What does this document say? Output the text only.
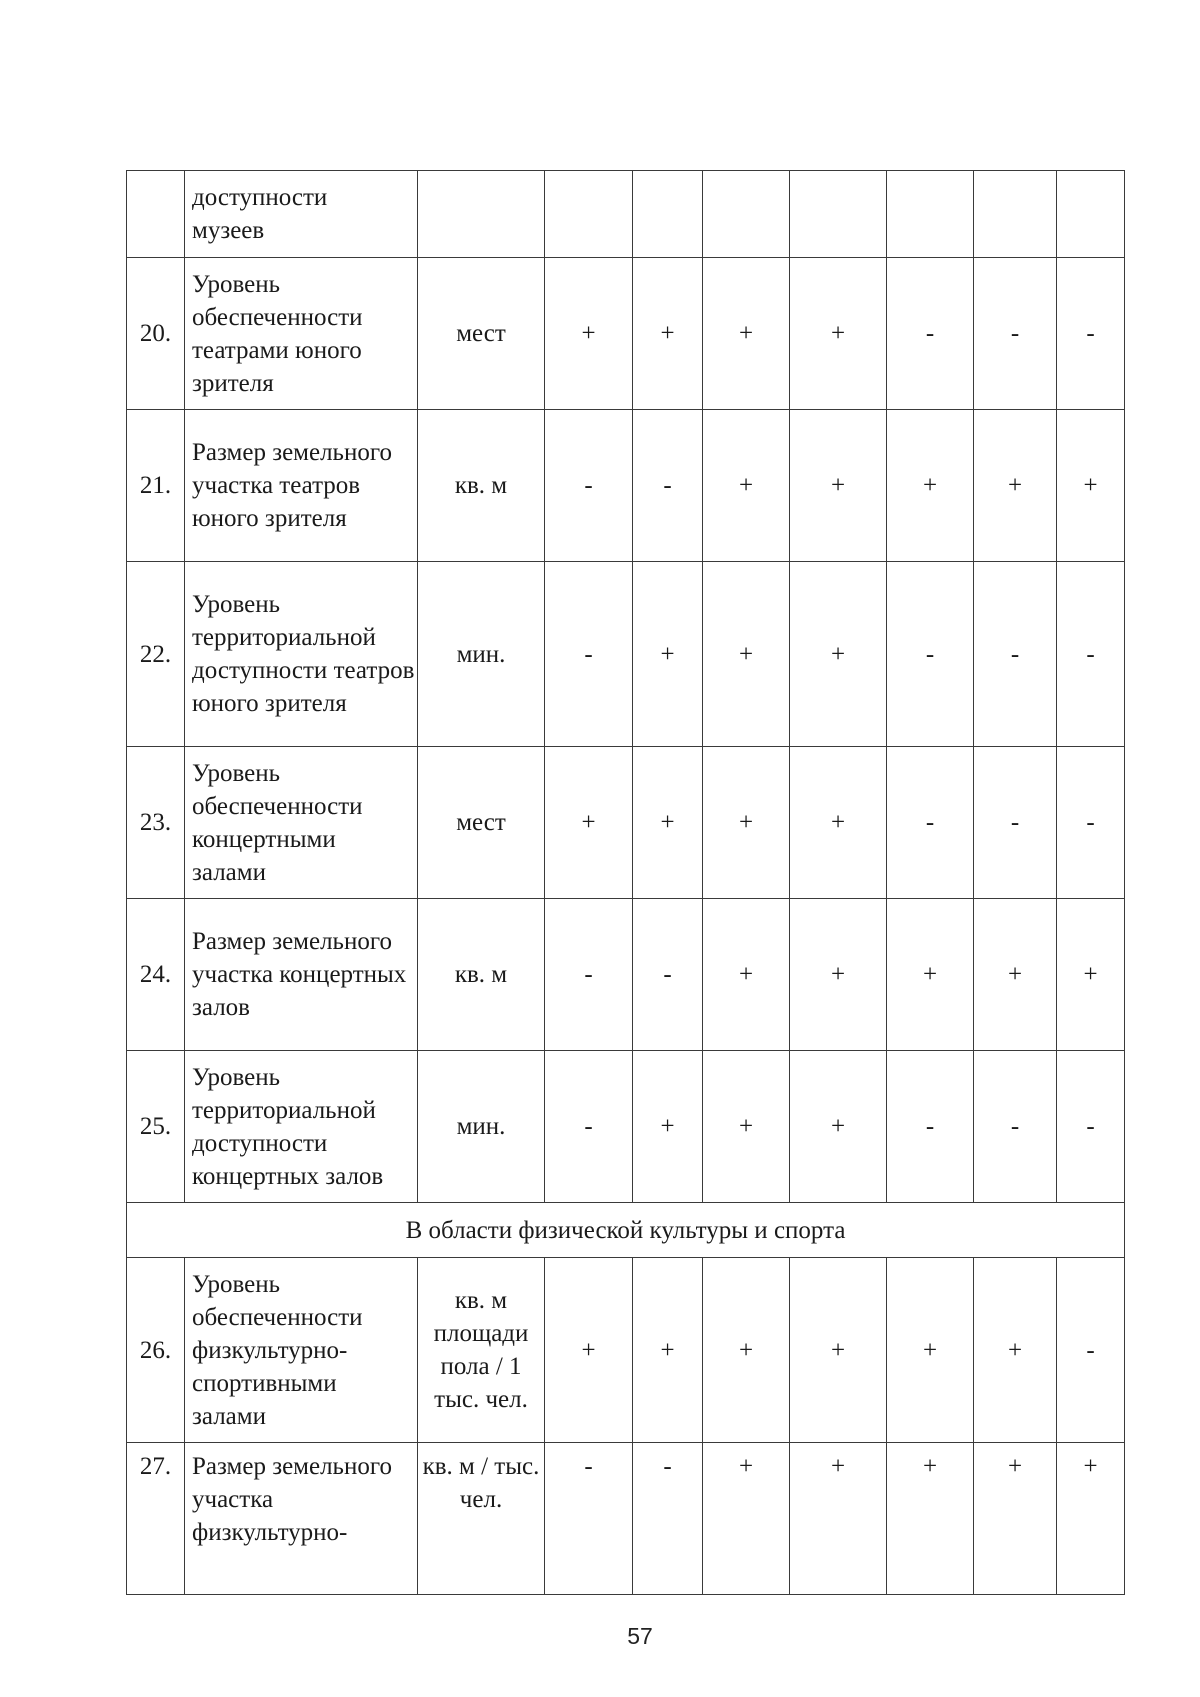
	доступности
музеев								
20.	Уровень обеспеченности театрами юного зрителя	мест	+	+	+	+	-	-	-
21.	Размер земельного участка театров юного зрителя	кв. м	-	-	+	+	+	+	+
22.	Уровень территориальной доступности театров юного зрителя	мин.	-	+	+	+	-	-	-
23.	Уровень обеспеченности концертными залами	мест	+	+	+	+	-	-	-
24.	Размер земельного участка концертных залов	кв. м	-	-	+	+	+	+	+
25.	Уровень территориальной доступности концертных залов	мин.	-	+	+	+	-	-	-
В области физической культуры и спорта									
26.	Уровень обеспеченности физкультурно-спортивными залами	кв. м площади пола / 1 тыс. чел.	+	+	+	+	+	+	-
27.	Размер земельного участка физкультурно-	кв. м / тыс. чел.	-	-	+	+	+	+	+
57
